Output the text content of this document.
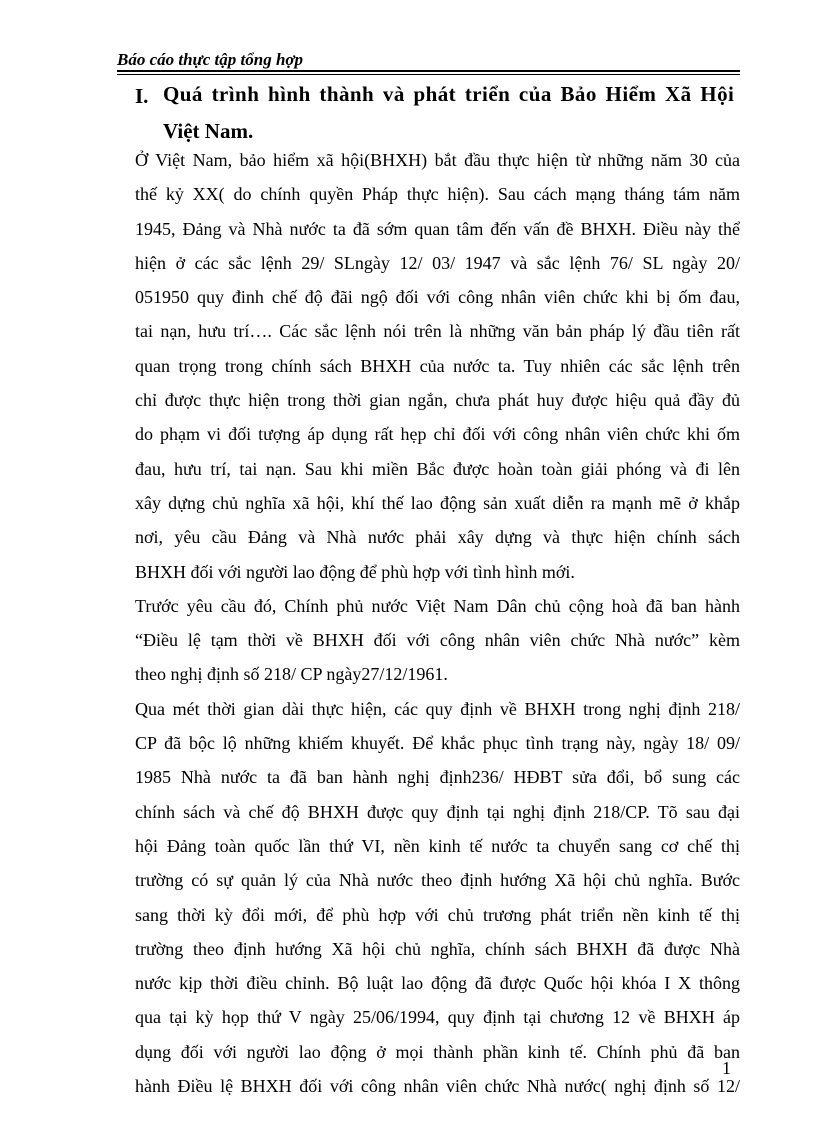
Báo cáo thực tập tổng hợp
I. Quá trình hình thành và phát triển của Bảo Hiểm Xã Hội
Việt Nam.
Ở Việt Nam, bảo hiểm xã hội(BHXH) bắt đầu thực hiện từ những năm 30 của
thế kỷ XX( do chính quyền Pháp thực hiện). Sau cách mạng tháng tám năm
1945, Đảng và Nhà nước ta đã sớm quan tâm đến vấn đề BHXH. Điều này thể
hiện ở các sắc lệnh 29/ SLngày 12/ 03/ 1947 và sắc lệnh 76/ SL ngày 20/
051950 quy đinh chế độ đãi ngộ đối với công nhân viên chức khi bị ốm đau,
tai nạn, hưu trí…. Các sắc lệnh nói trên là những văn bản pháp lý đầu tiên rất
quan trọng trong chính sách BHXH của nước ta. Tuy nhiên các sắc lệnh trên
chỉ được thực hiện trong thời gian ngắn, chưa phát huy được hiệu quả đầy đủ
do phạm vi đối tượng áp dụng rất hẹp chỉ đối với công nhân viên chức khi ốm
đau, hưu trí, tai nạn. Sau khi miền Bắc được hoàn toàn giải phóng và đi lên
xây dựng chủ nghĩa xã hội, khí thế lao động sản xuất diễn ra mạnh mẽ ở khắp
nơi, yêu cầu Đảng và Nhà nước phải xây dựng và thực hiện chính sách
BHXH đối với người lao động để phù hợp với tình hình mới.
Trước yêu cầu đó, Chính phủ nước Việt Nam Dân chủ cộng hoà đã ban hành
“Điều lệ tạm thời về BHXH đối với công nhân viên chức Nhà nước” kèm
theo nghị định số 218/ CP ngày27/12/1961.
Qua mét thời gian dài thực hiện, các quy định về BHXH trong nghị định 218/
CP đã bộc lộ những khiếm khuyết. Để khắc phục tình trạng này, ngày 18/ 09/
1985 Nhà nước ta đã ban hành nghị định236/ HĐBT sửa đổi, bổ sung các
chính sách và chế độ BHXH được quy định tại nghị định 218/CP. Tõ sau đại
hội Đảng toàn quốc lần thứ VI, nền kinh tế nước ta chuyển sang cơ chế thị
trường có sự quản lý của Nhà nước theo định hướng Xã hội chủ nghĩa. Bước
sang thời kỳ đổi mới, để phù hợp với chủ trương phát triển nền kinh tế thị
trường theo định hướng Xã hội chủ nghĩa, chính sách BHXH đã được Nhà
nước kịp thời điều chỉnh. Bộ luật lao động đã được Quốc hội khóa I X thông
qua tại kỳ họp thứ V ngày 25/06/1994, quy định tại chương 12 về BHXH áp
dụng đối với người lao động ở mọi thành phần kinh tế. Chính phủ đã ban
hành Điều lệ BHXH đối với công nhân viên chức Nhà nước( nghị định số 12/
1
